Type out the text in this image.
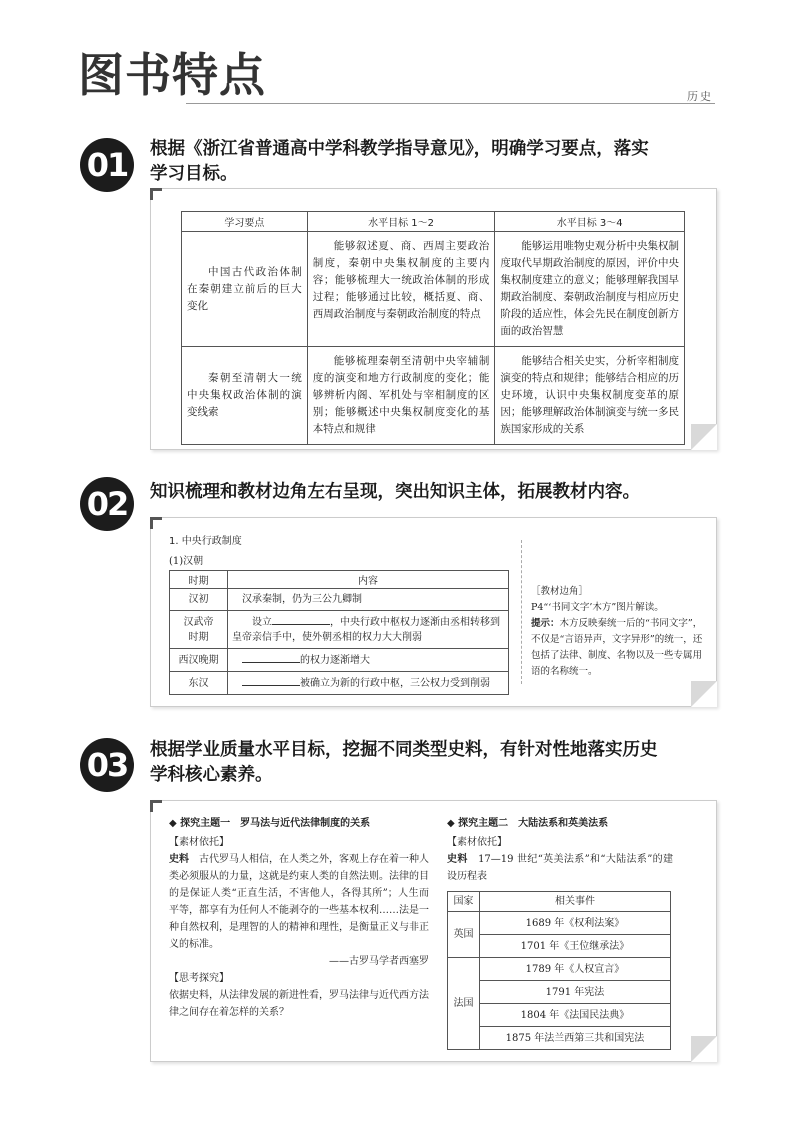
图书特点	历史
01	根据《浙江省普通高中学科教学指导意见》，明确学习要点，落实
学习目标。
学习要点	水平目标 1～2	水平目标 3～4
中国古代政治体制在秦朝建立前后的巨大变化	能够叙述夏、商、西周主要政治制度，秦朝中央集权制度的主要内容；能够梳理大一统政治体制的形成过程；能够通过比较，概括夏、商、西周政治制度与秦朝政治制度的特点	能够运用唯物史观分析中央集权制度取代早期政治制度的原因，评价中央集权制度建立的意义；能够理解我国早期政治制度、秦朝政治制度与相应历史阶段的适应性，体会先民在制度创新方面的政治智慧
秦朝至清朝大一统中央集权政治体制的演变线索	能够梳理秦朝至清朝中央宰辅制度的演变和地方行政制度的变化；能够辨析内阁、军机处与宰相制度的区别；能够概述中央集权制度变化的基本特点和规律	能够结合相关史实，分析宰相制度演变的特点和规律；能够结合相应的历史环境，认识中央集权制度变革的原因；能够理解政治体制演变与统一多民族国家形成的关系
02	知识梳理和教材边角左右呈现，突出知识主体，拓展教材内容。
1. 中央行政制度
(1)汉朝
时期	内容
汉初	汉承秦制，仍为三公九卿制
汉武帝时期	设立 ，中央行政中枢权力逐渐由丞相转移到皇帝亲信手中，使外朝丞相的权力大大削弱
西汉晚期	的权力逐渐增大
东汉	被确立为新的行政中枢，三公权力受到削弱
［教材边角］
P4“‘书同文字’木方”图片解读。
提示：木方反映秦统一后的“书同文字”，不仅是“言语异声，文字异形”的统一，还包括了法律、制度、名物以及一些专属用语的名称统一。
03	根据学业质量水平目标，挖掘不同类型史料，有针对性地落实历史
学科核心素养。
◆ 探究主题一　罗马法与近代法律制度的关系
【素材依托】
史料　 古代罗马人相信，在人类之外，客观上存在着一种人类必须服从的力量，这就是约束人类的自然法则。法律的目的是保证人类“正直生活，不害他人，各得其所”；人生而平等，都享有为任何人不能剥夺的一些基本权利……法是一种自然权利，是理智的人的精神和理性，是衡量正义与非正义的标准。
——古罗马学者西塞罗
【思考探究】
依据史料，从法律发展的新进性看，罗马法律与近代西方法律之间存在着怎样的关系？
◆ 探究主题二　大陆法系和英美法系
【素材依托】
史料　 17—19 世纪“英美法系”和“大陆法系”的建设历程表
国家	相关事件
英国	1689 年《权利法案》
	1701 年《王位继承法》
法国	1789 年《人权宣言》
	1791 年宪法
	1804 年《法国民法典》
	1875 年法兰西第三共和国宪法
